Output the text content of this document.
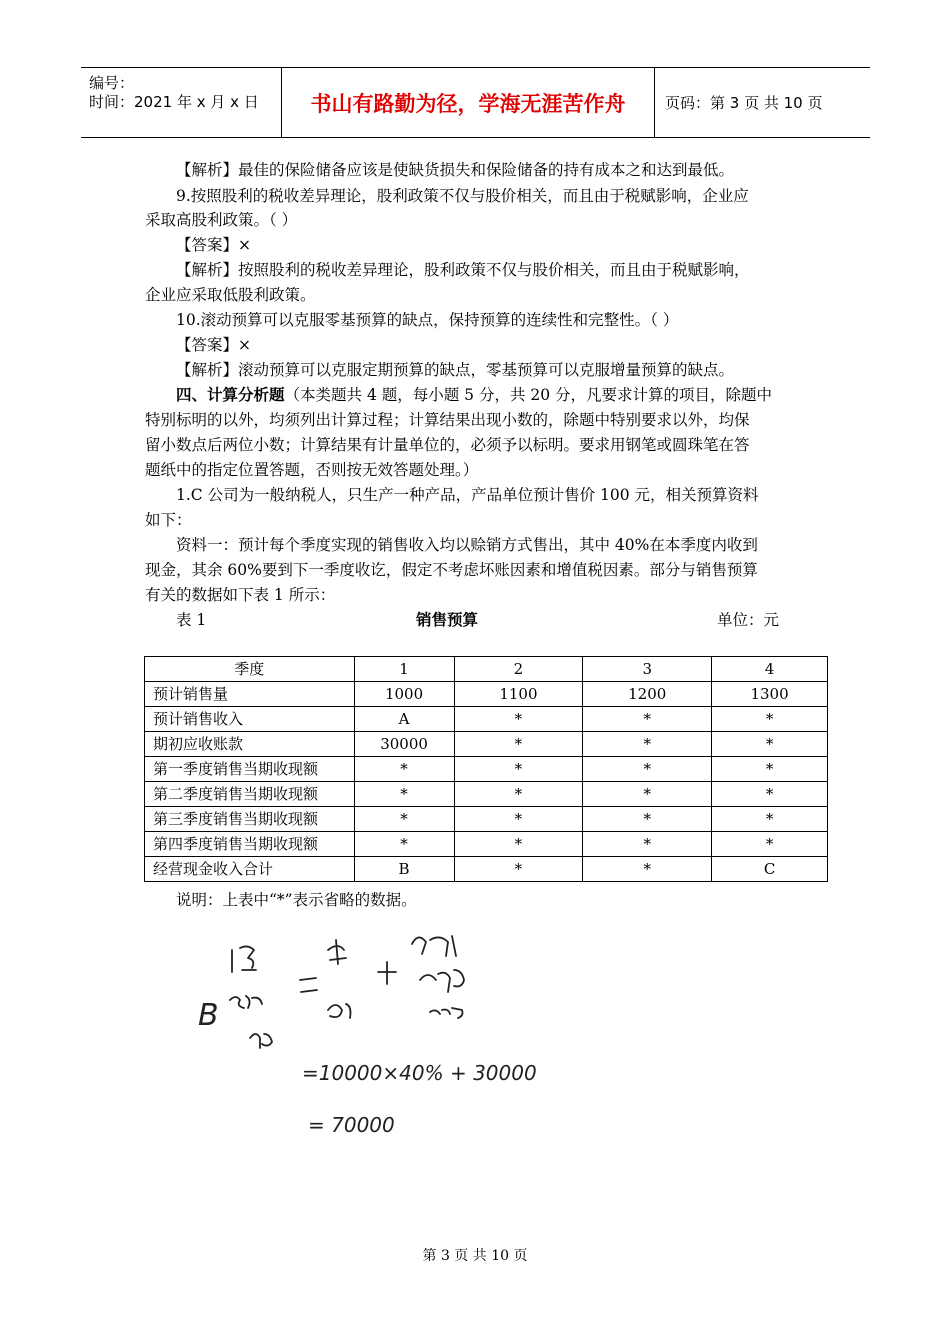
编号：
时间：2021 年 x 月 x 日 书山有路勤为径，学海无涯苦作舟	页码：第 3 页 共 10 页
【解析】最佳的保险储备应该是使缺货损失和保险储备的持有成本之和达到最低。
9.按照股利的税收差异理论，股利政策不仅与股价相关，而且由于税赋影响，企业应
采取高股利政策。（ ）
【答案】×
【解析】按照股利的税收差异理论，股利政策不仅与股价相关，而且由于税赋影响，
企业应采取低股利政策。
10.滚动预算可以克服零基预算的缺点，保持预算的连续性和完整性。（ ）
【答案】×
【解析】滚动预算可以克服定期预算的缺点，零基预算可以克服增量预算的缺点。
四、计算分析题（本类题共 4 题，每小题 5 分，共 20 分，凡要求计算的项目，除题中
特别标明的以外，均须列出计算过程；计算结果出现小数的，除题中特别要求以外，均保
留小数点后两位小数；计算结果有计量单位的，必须予以标明。要求用钢笔或圆珠笔在答
题纸中的指定位置答题，否则按无效答题处理。）
1.C 公司为一般纳税人，只生产一种产品，产品单位预计售价 100 元，相关预算资料
如下：
资料一：预计每个季度实现的销售收入均以赊销方式售出，其中 40%在本季度内收到
现金，其余 60%要到下一季度收讫，假定不考虑坏账因素和增值税因素。部分与销售预算
有关的数据如下表 1 所示：
表 1	销售预算	单位：元
季度	1	2	3	4
预计销售量	1000	1100	1200	1300
预计销售收入	A	*	*	*
期初应收账款	30000	*	*	*
第一季度销售当期收现额	*	*	*	*
第二季度销售当期收现额	*	*	*	*
第三季度销售当期收现额	*	*	*	*
第四季度销售当期收现额	*	*	*	*
经营现金收入合计	B	*	*	C
说明：上表中“*”表示省略的数据。
B
=10000×40% + 30000
= 70000
第 3 页 共 10 页
